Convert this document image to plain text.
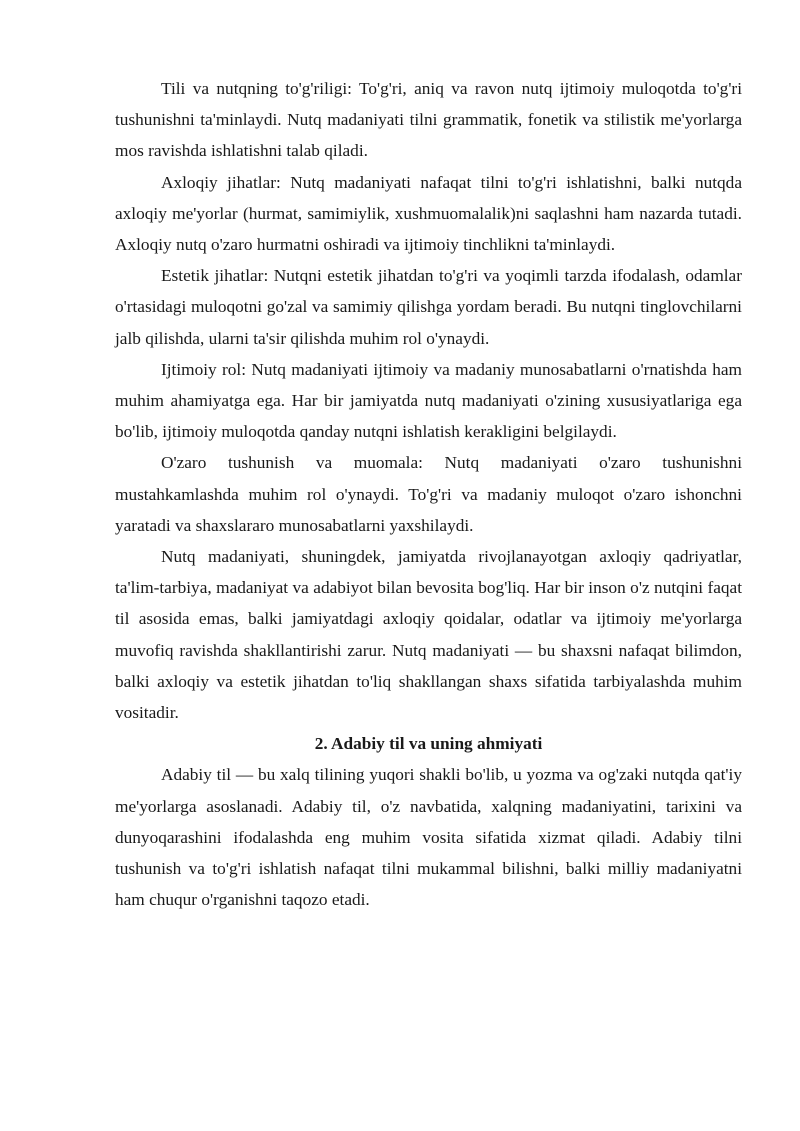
Tili va nutqning to'g'riligi: To'g'ri, aniq va ravon nutq ijtimoiy muloqotda to'g'ri tushunishni ta'minlaydi. Nutq madaniyati tilni grammatik, fonetik va stilistik me'yorlarga mos ravishda ishlatishni talab qiladi.

Axloqiy jihatlar: Nutq madaniyati nafaqat tilni to'g'ri ishlatishni, balki nutqda axloqiy me'yorlar (hurmat, samimiylik, xushmuomalalik)ni saqlashni ham nazarda tutadi. Axloqiy nutq o'zaro hurmatni oshiradi va ijtimoiy tinchlikni ta'minlaydi.

Estetik jihatlar: Nutqni estetik jihatdan to'g'ri va yoqimli tarzda ifodalash, odamlar o'rtasidagi muloqotni go'zal va samimiy qilishga yordam beradi. Bu nutqni tinglovchilarni jalb qilishda, ularni ta'sir qilishda muhim rol o'ynaydi.

Ijtimoiy rol: Nutq madaniyati ijtimoiy va madaniy munosabatlarni o'rnatishda ham muhim ahamiyatga ega. Har bir jamiyatda nutq madaniyati o'zining xususiyatlariga ega bo'lib, ijtimoiy muloqotda qanday nutqni ishlatish kerakligini belgilaydi.

O'zaro tushunish va muomala: Nutq madaniyati o'zaro tushunishni mustahkamlashda muhim rol o'ynaydi. To'g'ri va madaniy muloqot o'zaro ishonchni yaratadi va shaxslararo munosabatlarni yaxshilaydi.

Nutq madaniyati, shuningdek, jamiyatda rivojlanayotgan axloqiy qadriyatlar, ta'lim-tarbiya, madaniyat va adabiyot bilan bevosita bog'liq. Har bir inson o'z nutqini faqat til asosida emas, balki jamiyatdagi axloqiy qoidalar, odatlar va ijtimoiy me'yorlarga muvofiq ravishda shakllantirishi zarur. Nutq madaniyati — bu shaxsni nafaqat bilimdon, balki axloqiy va estetik jihatdan to'liq shakllangan shaxs sifatida tarbiyalashda muhim vositadir.

2. Adabiy til va uning ahmiyati

Adabiy til — bu xalq tilining yuqori shakli bo'lib, u yozma va og'zaki nutqda qat'iy me'yorlarga asoslanadi. Adabiy til, o'z navbatida, xalqning madaniyatini, tarixini va dunyoqarashini ifodalashda eng muhim vosita sifatida xizmat qiladi. Adabiy tilni tushunish va to'g'ri ishlatish nafaqat tilni mukammal bilishni, balki milliy madaniyatni ham chuqur o'rganishni taqozo etadi.
